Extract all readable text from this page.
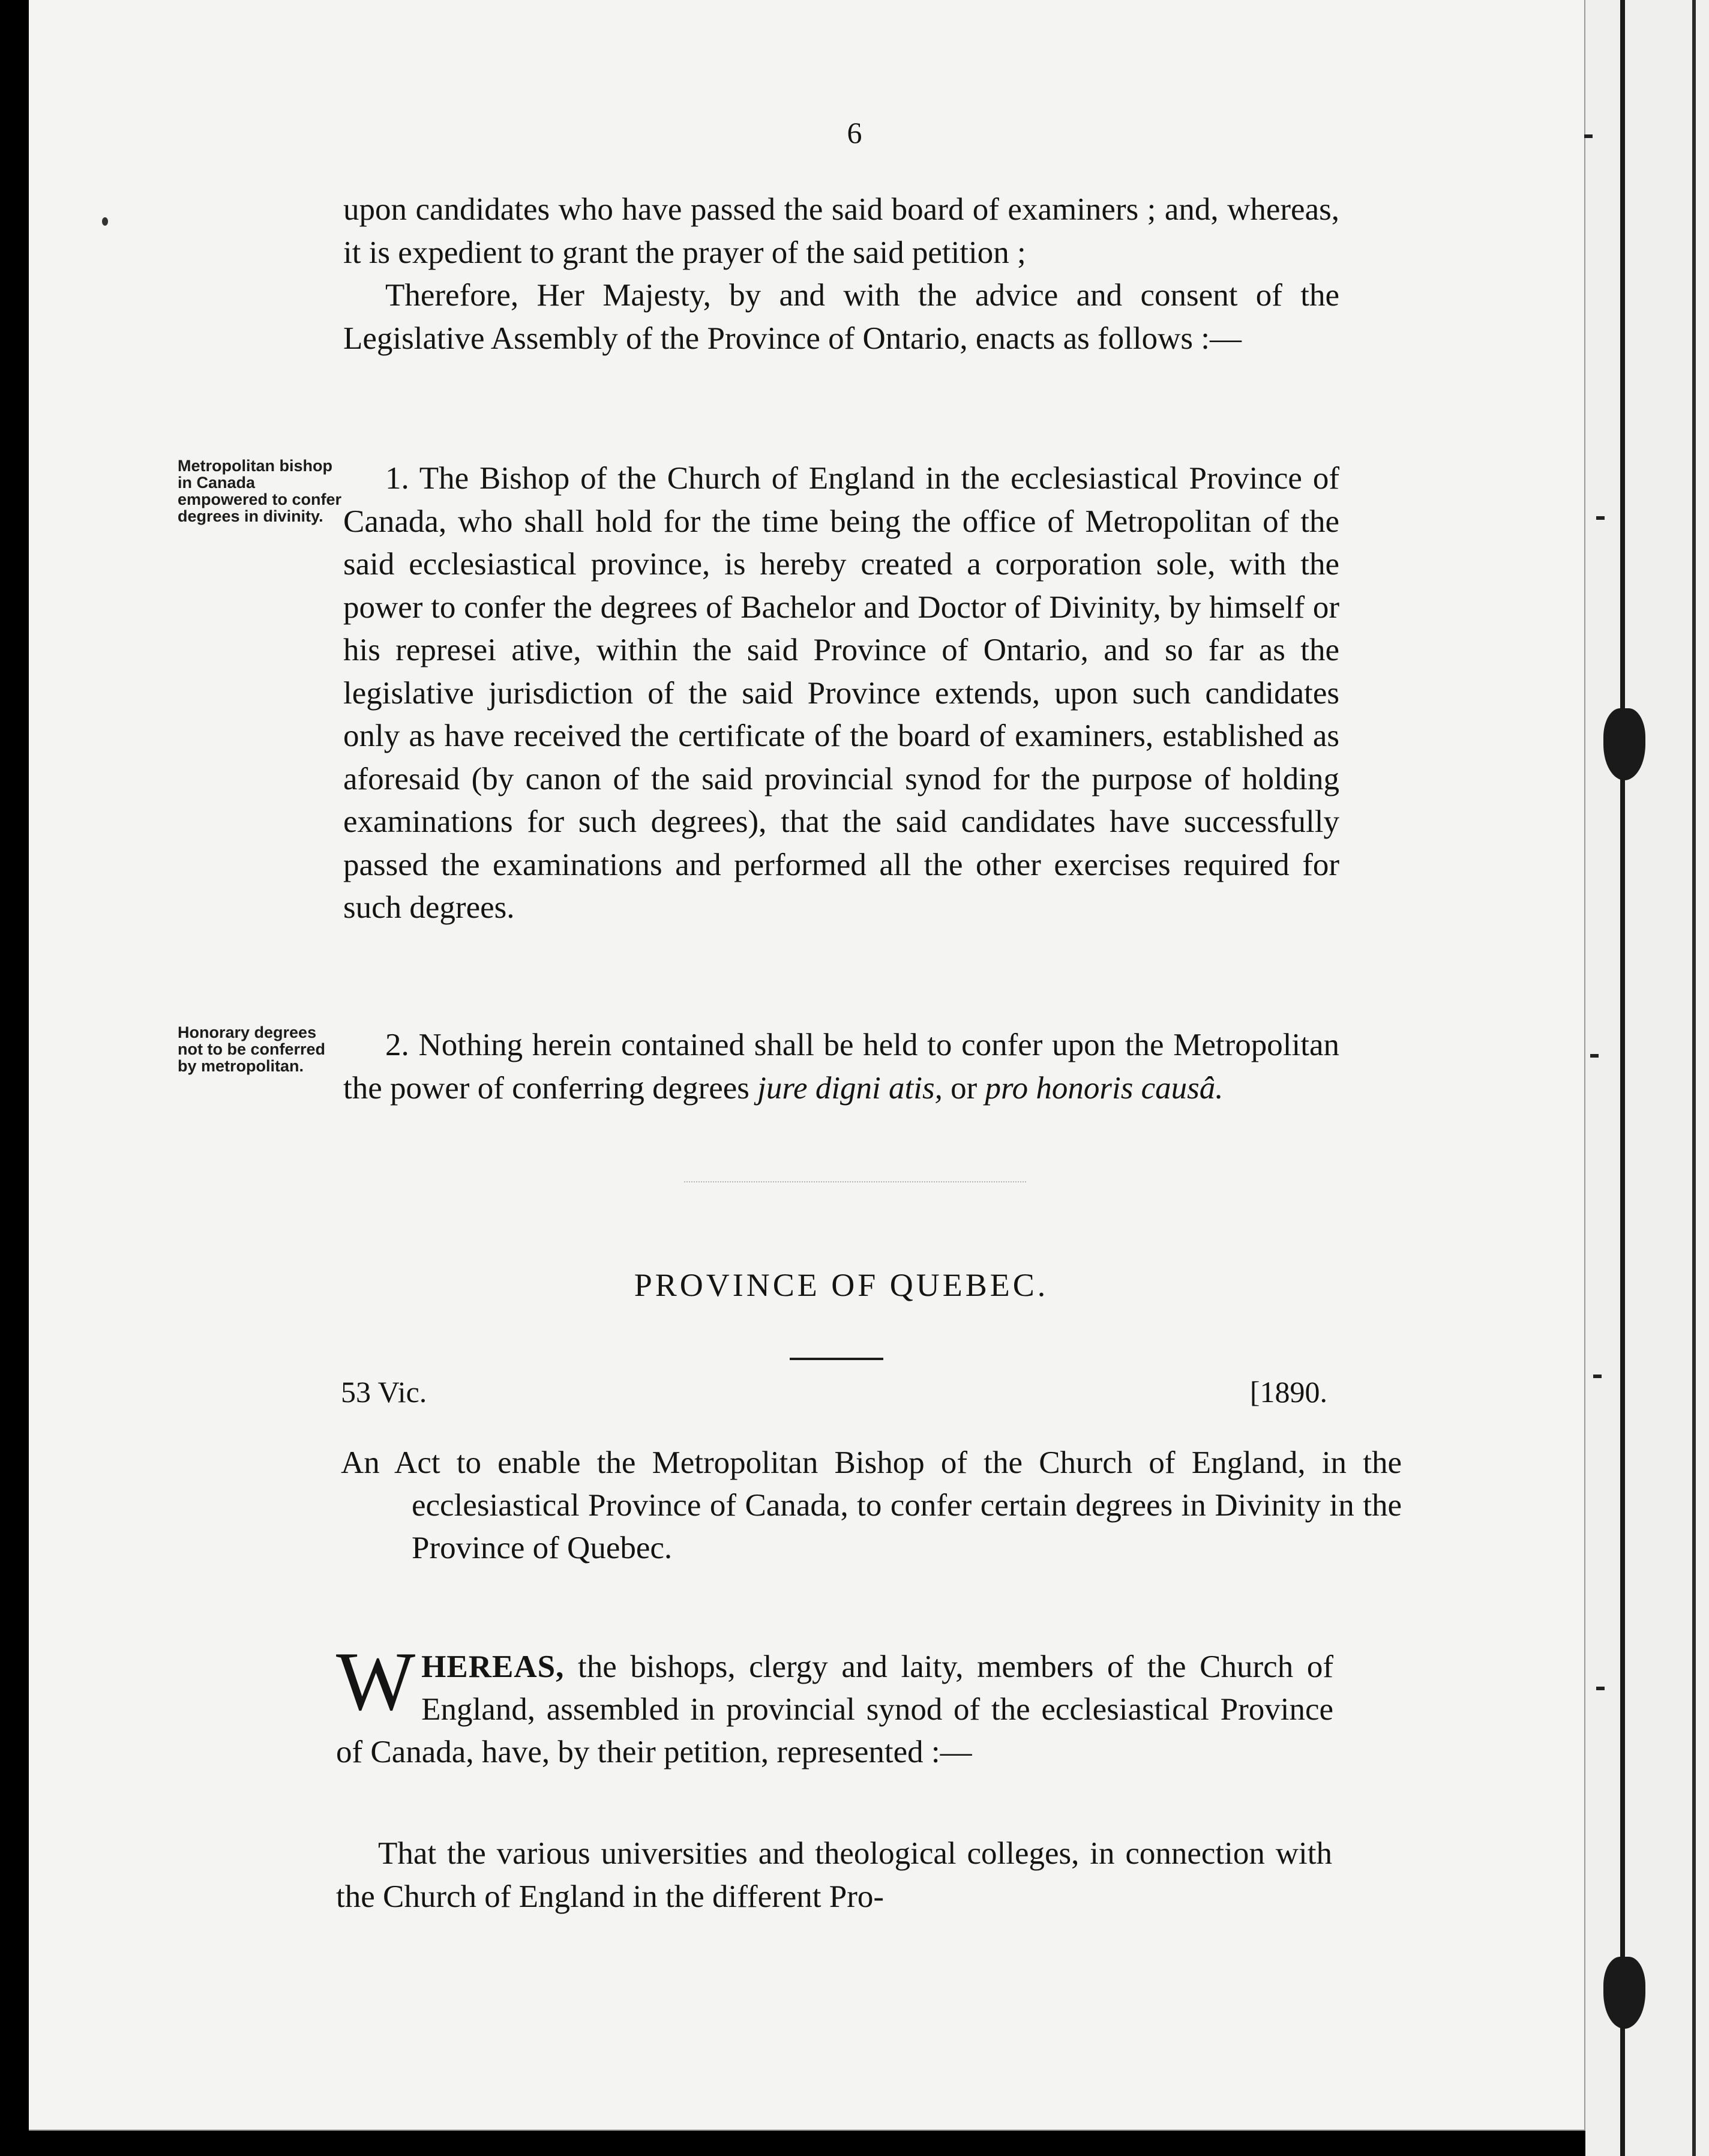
6

upon candidates who have passed the said board of examiners ; and, whereas, it is expedient to grant the prayer of the said petition ;

Therefore, Her Majesty, by and with the advice and consent of the Legislative Assembly of the Province of Ontario, enacts as follows :—

Metropolitan bishop in Canada empowered to confer degrees in divinity.

1. The Bishop of the Church of England in the ecclesiastical Province of Canada, who shall hold for the time being the office of Metropolitan of the said ecclesiastical province, is hereby created a corporation sole, with the power to confer the degrees of Bachelor and Doctor of Divinity, by himself or his represei ative, within the said Province of Ontario, and so far as the legislative jurisdiction of the said Province extends, upon such candidates only as have received the certificate of the board of examiners, established as aforesaid (by canon of the said provincial synod for the purpose of holding examinations for such degrees), that the said candidates have successfully passed the examinations and performed all the other exercises required for such degrees.

Honorary degrees not to be conferred by metropolitan.

2. Nothing herein contained shall be held to confer upon the Metropolitan the power of conferring degrees jure digni atis, or pro honoris causâ.

PROVINCE OF QUEBEC.
53 Vic.	[1890.
An Act to enable the Metropolitan Bishop of the Church of England, in the ecclesiastical Province of Canada, to confer certain degrees in Divinity in the Province of Quebec.
WHEREAS, the bishops, clergy and laity, members of the Church of England, assembled in provincial synod of the ecclesiastical Province of Canada, have, by their petition, represented :—

That the various universities and theological colleges, in connection with the Church of England in the different Pro-
